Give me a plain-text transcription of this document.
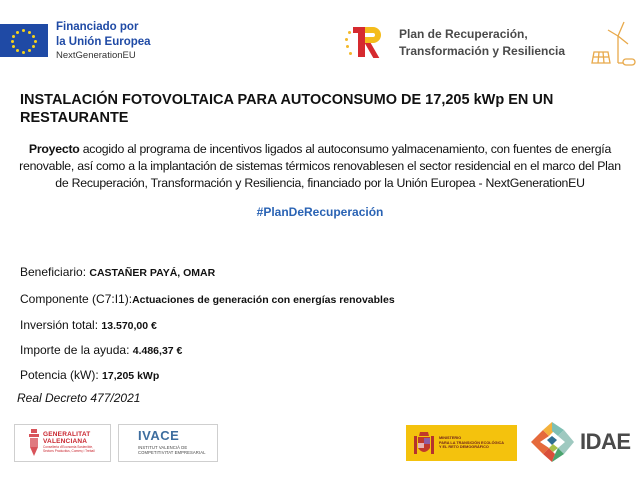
Financiado por
la Unión Europea
NextGenerationEU
Plan de Recuperación,
Transformación y Resiliencia
INSTALACIÓN FOTOVOLTAICA PARA AUTOCONSUMO DE 17,205 kWp EN UN RESTAURANTE
Proyecto acogido al programa de incentivos ligados al autoconsumo yalmacenamiento, con fuentes de energía renovable, así como a la implantación de sistemas térmicos renovablesen el sector residencial en el marco del Plan de Recuperación, Transformación y Resiliencia, financiado por la Unión Europea - NextGenerationEU
#PlanDeRecuperación
Beneficiario: CASTAÑER PAYÁ, OMAR
Componente (C7:I1):Actuaciones de generación con energías renovables
Inversión total: 13.570,00 €
Importe de la ayuda: 4.486,37 €
Potencia (kW): 17,205 kWp
Real Decreto 477/2021
GENERALITAT
VALENCIANA
Conselleria d'Economia Sostenible, Sectors Productius, Comerç i Treball
IVACE
INSTITUT VALENCIÀ DE
COMPETITIVITAT EMPRESARIAL
MINISTERIO
PARA LA TRANSICIÓN ECOLÓGICA
Y EL RETO DEMOGRÁFICO	IDAE
